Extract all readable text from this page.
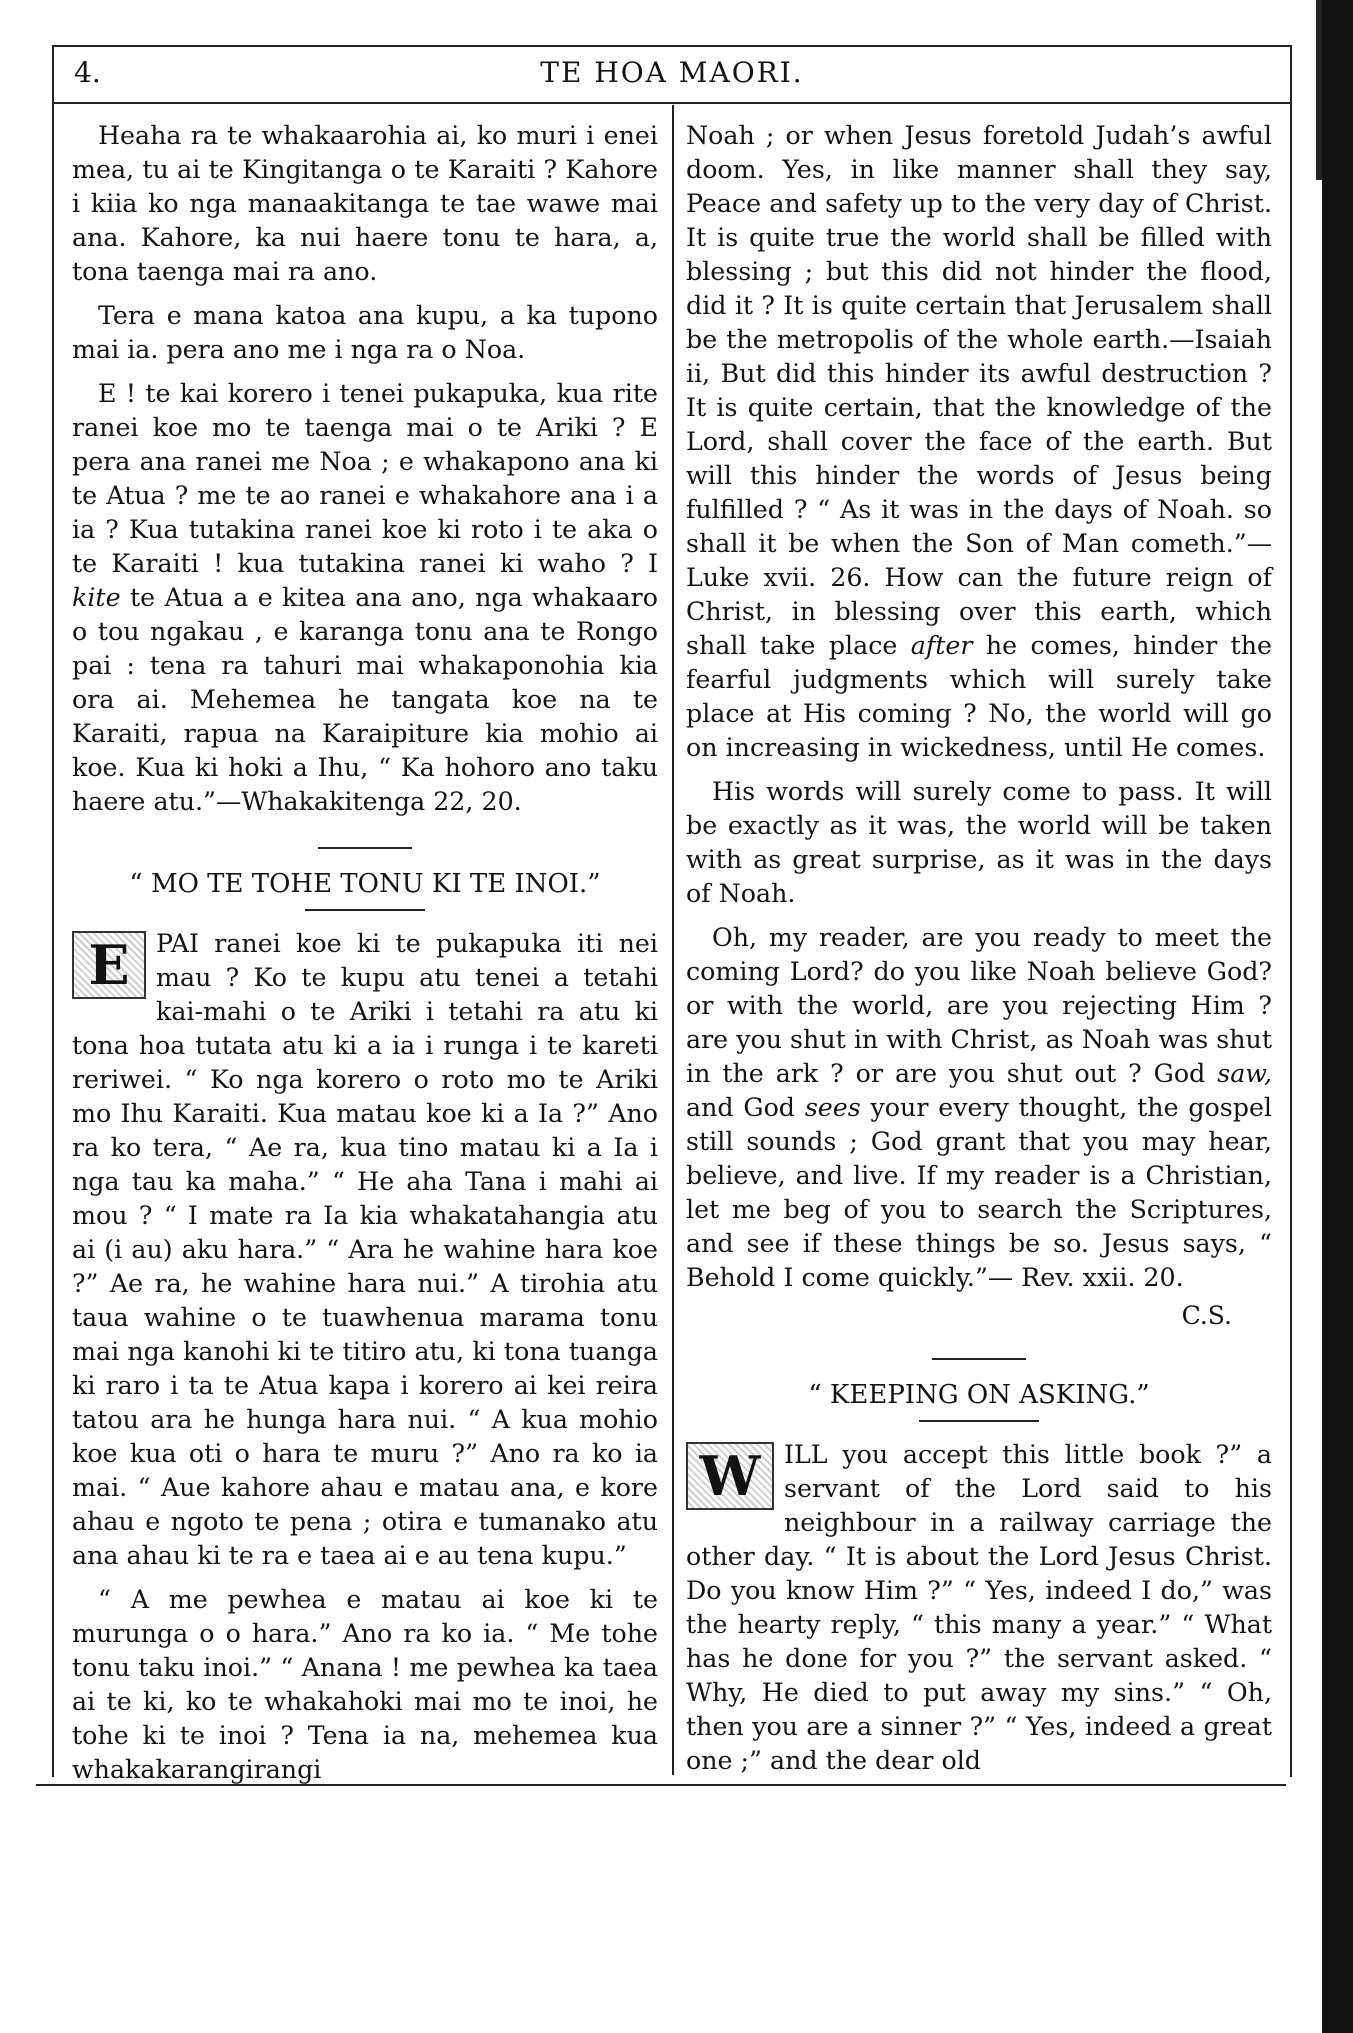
4.	TE HOA MAORI.

Heaha ra te whakaarohia ai, ko muri i enei mea, tu ai te Kingitanga o te Karaiti ? Kahore i kiia ko nga manaakitanga te tae wawe mai ana. Kahore, ka nui haere tonu te hara, a, tona taenga mai ra ano.

Tera e mana katoa ana kupu, a ka tupono mai ia. pera ano me i nga ra o Noa.

E ! te kai korero i tenei pukapuka, kua rite ranei koe mo te taenga mai o te Ariki ? E pera ana ranei me Noa ; e whakapono ana ki te Atua ? me te ao ranei e whakahore ana i a ia ? Kua tutakina ranei koe ki roto i te aka o te Karaiti ! kua tutakina ranei ki waho ? I kite te Atua a e kitea ana ano, nga whakaaro o tou ngakau , e karanga tonu ana te Rongo pai : tena ra tahuri mai whakaponohia kia ora ai. Mehemea he tangata koe na te Karaiti, rapua na Karaipiture kia mohio ai koe. Kua ki hoki a Ihu, “ Ka hohoro ano taku haere atu.”—Whakakitenga 22, 20.

“ MO TE TOHE TONU KI TE INOI.”
E	PAI ranei koe ki te pukapuka iti nei mau ? Ko te kupu atu tenei a tetahi kai-mahi o te Ariki i tetahi ra atu ki tona hoa tutata atu ki a ia i runga i te kareti reriwei. “ Ko nga korero o roto mo te Ariki mo Ihu Karaiti. Kua matau koe ki a Ia ?” Ano ra ko tera, “ Ae ra, kua tino matau ki a Ia i nga tau ka maha.” “ He aha Tana i mahi ai mou ? “ I mate ra Ia kia whakatahangia atu ai (i au) aku hara.” “ Ara he wahine hara koe ?” Ae ra, he wahine hara nui.” A tirohia atu taua wahine o te tuawhenua marama tonu mai nga kanohi ki te titiro atu, ki tona tuanga ki raro i ta te Atua kapa i korero ai kei reira tatou ara he hunga hara nui. “ A kua mohio koe kua oti o hara te muru ?” Ano ra ko ia mai. “ Aue kahore ahau e matau ana, e kore ahau e ngoto te pena ; otira e tumanako atu ana ahau ki te ra e taea ai e au tena kupu.”

“ A me pewhea e matau ai koe ki te murunga o o hara.” Ano ra ko ia. “ Me tohe tonu taku inoi.” “ Anana ! me pewhea ka taea ai te ki, ko te whakahoki mai mo te inoi, he tohe ki te inoi ? Tena ia na, mehemea kua whakakarangirangi

Noah ; or when Jesus foretold Judah’s awful doom. Yes, in like manner shall they say, Peace and safety up to the very day of Christ. It is quite true the world shall be filled with blessing ; but this did not hinder the flood, did it ? It is quite certain that Jerusalem shall be the metropolis of the whole earth.—Isaiah ii, But did this hinder its awful destruction ? It is quite certain, that the knowledge of the Lord, shall cover the face of the earth. But will this hinder the words of Jesus being fulfilled ? “ As it was in the days of Noah. so shall it be when the Son of Man cometh.”—Luke xvii. 26. How can the future reign of Christ, in blessing over this earth, which shall take place after he comes, hinder the fearful judgments which will surely take place at His coming ? No, the world will go on increasing in wickedness, until He comes.

His words will surely come to pass. It will be exactly as it was, the world will be taken with as great surprise, as it was in the days of Noah.

Oh, my reader, are you ready to meet the coming Lord? do you like Noah believe God? or with the world, are you rejecting Him ? are you shut in with Christ, as Noah was shut in the ark ? or are you shut out ? God saw, and God sees your every thought, the gospel still sounds ; God grant that you may hear, believe, and live. If my reader is a Christian, let me beg of you to search the Scriptures, and see if these things be so. Jesus says, “ Behold I come quickly.”— Rev. xxii. 20.

C.S.
“ KEEPING ON ASKING.”
W ILL you accept this little book ?” a servant of the Lord said to his neighbour in a railway carriage the other day. “ It is about the Lord Jesus Christ. Do you know Him ?” “ Yes, indeed I do,” was the hearty reply, “ this many a year.” “ What has he done for you ?” the servant asked. “ Why, He died to put away my sins.” “ Oh, then you are a sinner ?” “ Yes, indeed a great one ;” and the dear old
